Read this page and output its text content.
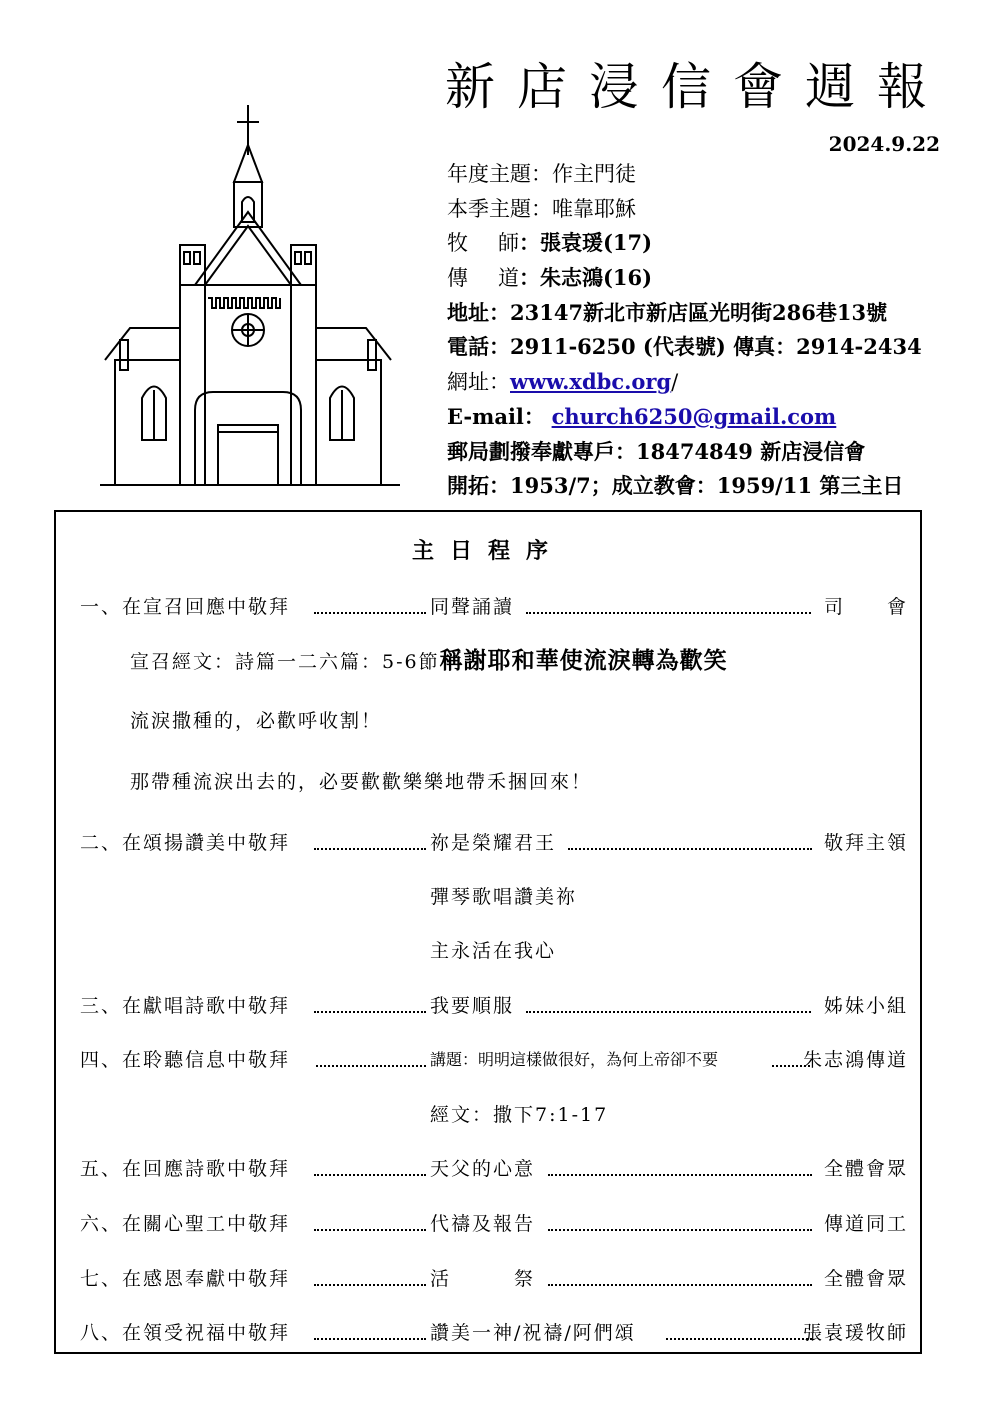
新店浸信會週報
2024.9.22
年度主題：作主門徒
本季主題：唯靠耶穌
牧師：張袁瑗(17)
傳道：朱志鴻(16)
地址：23147新北市新店區光明街286巷13號
電話：2911-6250 (代表號) 傳真：2914-2434
網址：www.xdbc.org/
E-mail： church6250@gmail.com
郵局劃撥奉獻專戶：18474849 新店浸信會
開拓：1953/7；成立教會：1959/11 第三主日
主日程序
一、在宣召回應中敬拜	同聲誦讀	司　　會
宣召經文：詩篇一二六篇：5-6節稱謝耶和華使流淚轉為歡笑
流淚撒種的，必歡呼收割！
那帶種流淚出去的，必要歡歡樂樂地帶禾捆回來！
二、在頌揚讚美中敬拜	祢是榮耀君王	敬拜主領
彈琴歌唱讚美祢
主永活在我心
三、在獻唱詩歌中敬拜	我要順服	姊妹小組
四、在聆聽信息中敬拜	講題：明明這樣做很好，為何上帝卻不要	朱志鴻傳道
經文：撒下7:1-17
五、在回應詩歌中敬拜	天父的心意	全體會眾
六、在關心聖工中敬拜	代禱及報告	傳道同工
七、在感恩奉獻中敬拜	活　　　祭	全體會眾
八、在領受祝福中敬拜	讚美一神/祝禱/阿們頌	張袁瑗牧師
